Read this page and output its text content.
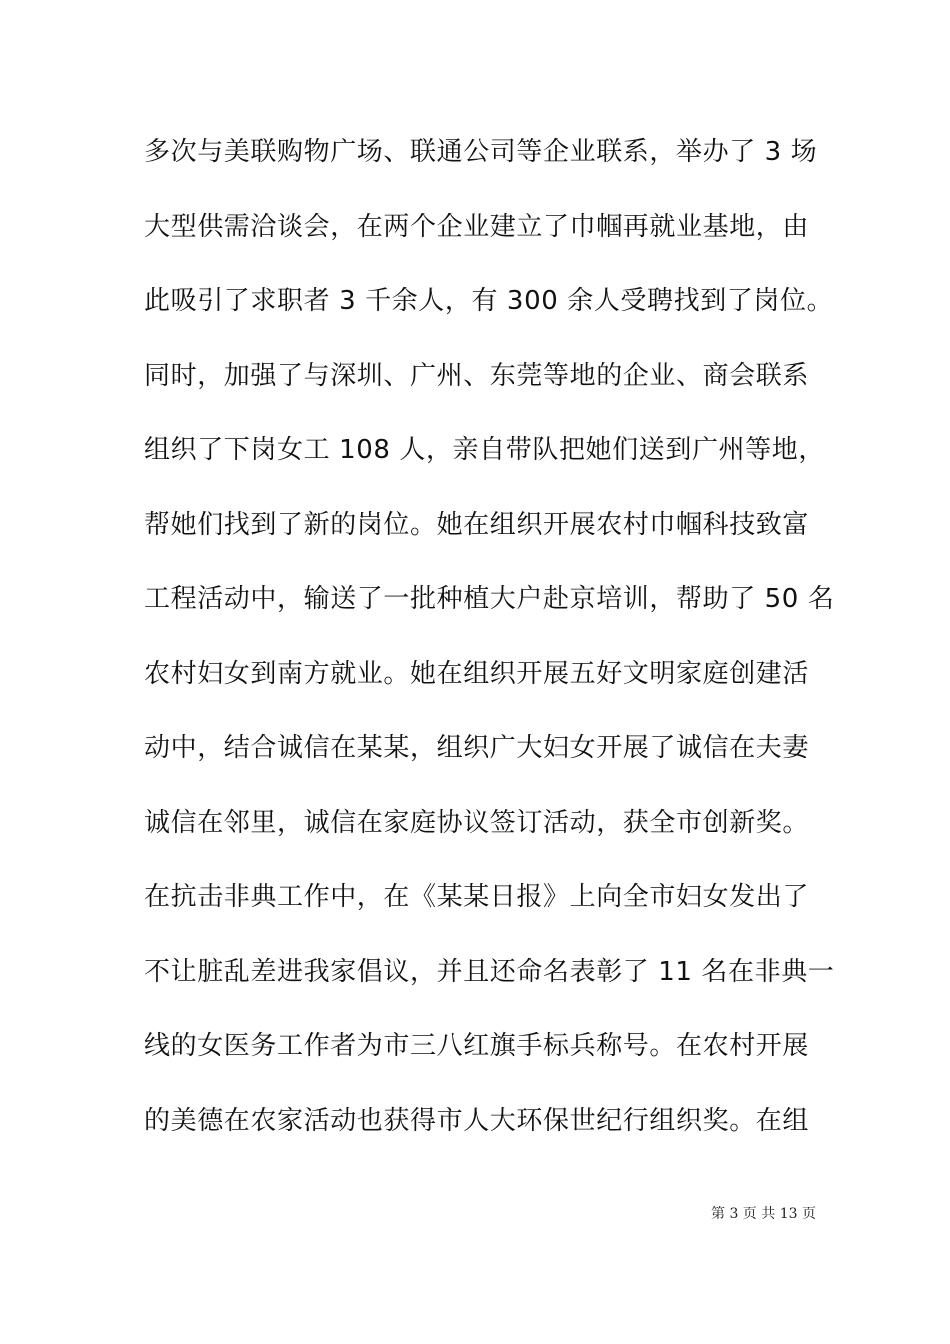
多次与美联购物广场、联通公司等企业联系，举办了 3 场
大型供需洽谈会，在两个企业建立了巾帼再就业基地，由
此吸引了求职者 3 千余人，有 300 余人受聘找到了岗位。
同时，加强了与深圳、广州、东莞等地的企业、商会联系
组织了下岗女工 108 人，亲自带队把她们送到广州等地，
帮她们找到了新的岗位。她在组织开展农村巾帼科技致富
工程活动中，输送了一批种植大户赴京培训，帮助了 50 名
农村妇女到南方就业。她在组织开展五好文明家庭创建活
动中，结合诚信在某某，组织广大妇女开展了诚信在夫妻
诚信在邻里，诚信在家庭协议签订活动，获全市创新奖。
在抗击非典工作中，在《某某日报》上向全市妇女发出了
不让脏乱差进我家倡议，并且还命名表彰了 11 名在非典一
线的女医务工作者为市三八红旗手标兵称号。在农村开展
的美德在农家活动也获得市人大环保世纪行组织奖。在组
第 3 页 共 13 页
